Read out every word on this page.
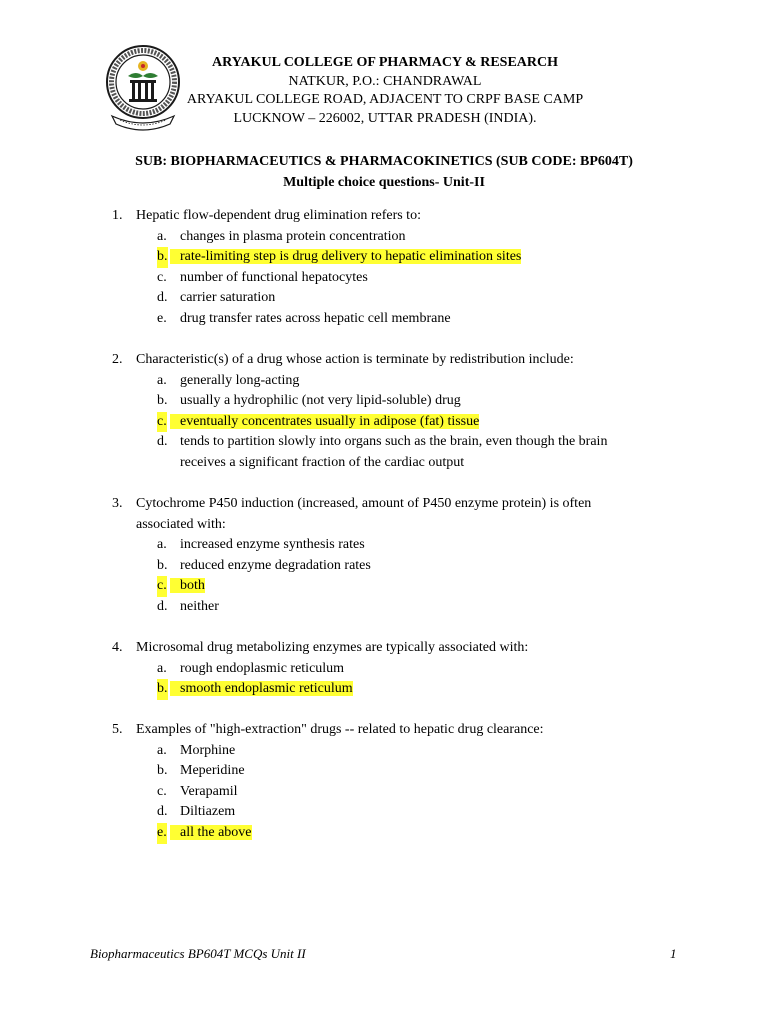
ARYAKUL COLLEGE OF PHARMACY & RESEARCH
NATKUR, P.O.: CHANDRAWAL
ARYAKUL COLLEGE ROAD, ADJACENT TO CRPF BASE CAMP
LUCKNOW – 226002, UTTAR PRADESH (INDIA).
SUB: BIOPHARMACEUTICS & PHARMACOKINETICS (SUB CODE: BP604T)
Multiple choice questions- Unit-II
1. Hepatic flow-dependent drug elimination refers to:
a. changes in plasma protein concentration
b. rate-limiting step is drug delivery to hepatic elimination sites
c. number of functional hepatocytes
d. carrier saturation
e. drug transfer rates across hepatic cell membrane
2. Characteristic(s) of a drug whose action is terminate by redistribution include:
a. generally long-acting
b. usually a hydrophilic (not very lipid-soluble) drug
c. eventually concentrates usually in adipose (fat) tissue
d. tends to partition slowly into organs such as the brain, even though the brain receives a significant fraction of the cardiac output
3. Cytochrome P450 induction (increased, amount of P450 enzyme protein) is often associated with:
a. increased enzyme synthesis rates
b. reduced enzyme degradation rates
c. both
d. neither
4. Microsomal drug metabolizing enzymes are typically associated with:
a. rough endoplasmic reticulum
b. smooth endoplasmic reticulum
5. Examples of "high-extraction" drugs -- related to hepatic drug clearance:
a. Morphine
b. Meperidine
c. Verapamil
d. Diltiazem
e. all the above
Biopharmaceutics BP604T MCQs Unit II	1
